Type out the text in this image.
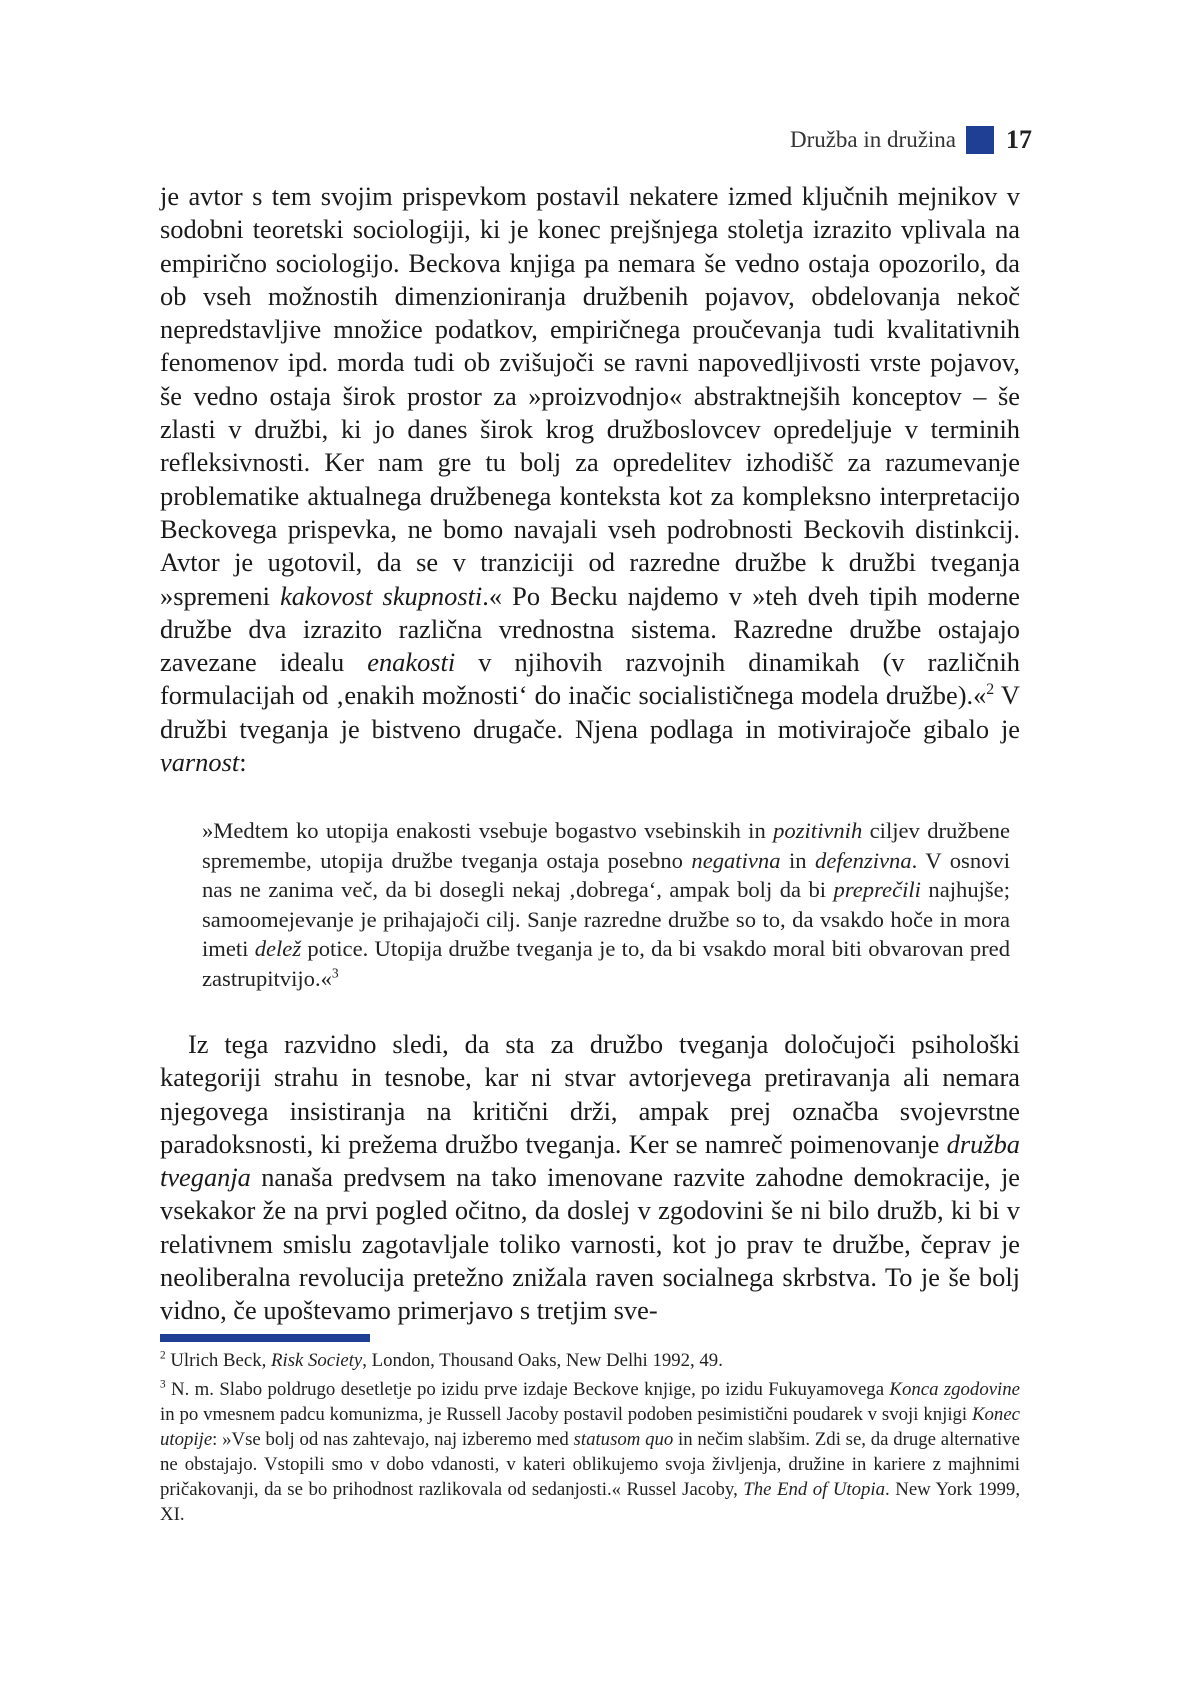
Družba in družina 17

je avtor s tem svojim prispevkom postavil nekatere izmed ključnih mejnikov v sodobni teoretski sociologiji, ki je konec prejšnjega stoletja izrazito vplivala na empirično sociologijo. Beckova knjiga pa nemara še vedno ostaja opozorilo, da ob vseh možnostih dimenzioniranja družbenih pojavov, obdelovanja nekoč nepredstavljive množice podatkov, empiričnega proučevanja tudi kvalitativnih fenomenov ipd. morda tudi ob zvišujoči se ravni napovedljivosti vrste pojavov, še vedno ostaja širok prostor za »proizvodnjo« abstraktnejših konceptov – še zlasti v družbi, ki jo danes širok krog družboslovcev opredeljuje v terminih refleksivnosti. Ker nam gre tu bolj za opredelitev izhodišč za razumevanje problematike aktualnega družbenega konteksta kot za kompleksno interpretacijo Beckovega prispevka, ne bomo navajali vseh podrobnosti Beckovih distinkcij. Avtor je ugotovil, da se v tranziciji od razredne družbe k družbi tveganja »spremeni kakovost skupnosti.« Po Becku najdemo v »teh dveh tipih moderne družbe dva izrazito različna vrednostna sistema. Razredne družbe ostajajo zavezane idealu enakosti v njihovih razvojnih dinamikah (v različnih formulacijah od ‚enakih možnosti‘ do inačic socialističnega modela družbe).«$^2$ V družbi tveganja je bistveno drugače. Njena podlaga in motivirajoče gibalo je varnost:

»Medtem ko utopija enakosti vsebuje bogastvo vsebinskih in pozitivnih ciljev družbene spremembe, utopija družbe tveganja ostaja posebno negativna in defenzivna. V osnovi nas ne zanima več, da bi dosegli nekaj ‚dobrega‘, ampak bolj da bi preprečili najhujše; samoomejevanje je prihajajoči cilj. Sanje razredne družbe so to, da vsakdo hoče in mora imeti delež potice. Utopija družbe tveganja je to, da bi vsakdo moral biti obvarovan pred zastrupitvijo.«$^3$

Iz tega razvidno sledi, da sta za družbo tveganja določujoči psihološki kategoriji strahu in tesnobe, kar ni stvar avtorjevega pretiravanja ali nemara njegovega insistiranja na kritični drži, ampak prej označba svojevrstne paradoksnosti, ki prežema družbo tveganja. Ker se namreč poimenovanje družba tveganja nanaša predvsem na tako imenovane razvite zahodne demokracije, je vsekakor že na prvi pogled očitno, da doslej v zgodovini še ni bilo družb, ki bi v relativnem smislu zagotavljale toliko varnosti, kot jo prav te družbe, čeprav je neoliberalna revolucija pretežno znižala raven socialnega skrbstva. To je še bolj vidno, če upoštevamo primerjavo s tretjim sve-

$^2$ Ulrich Beck, Risk Society, London, Thousand Oaks, New Delhi 1992, 49.

$^3$ N. m. Slabo poldrugo desetletje po izidu prve izdaje Beckove knjige, po izidu Fukuyamovega Konca zgodovine in po vmesnem padcu komunizma, je Russell Jacoby postavil podoben pesimistični poudarek v svoji knjigi Konec utopije: »Vse bolj od nas zahtevajo, naj izberemo med statusom quo in nečim slabšim. Zdi se, da druge alternative ne obstajajo. Vstopili smo v dobo vdanosti, v kateri oblikujemo svoja življenja, družine in kariere z majhnimi pričakovanji, da se bo prihodnost razlikovala od sedanjosti.« Russel Jacoby, The End of Utopia. New York 1999, XI.
